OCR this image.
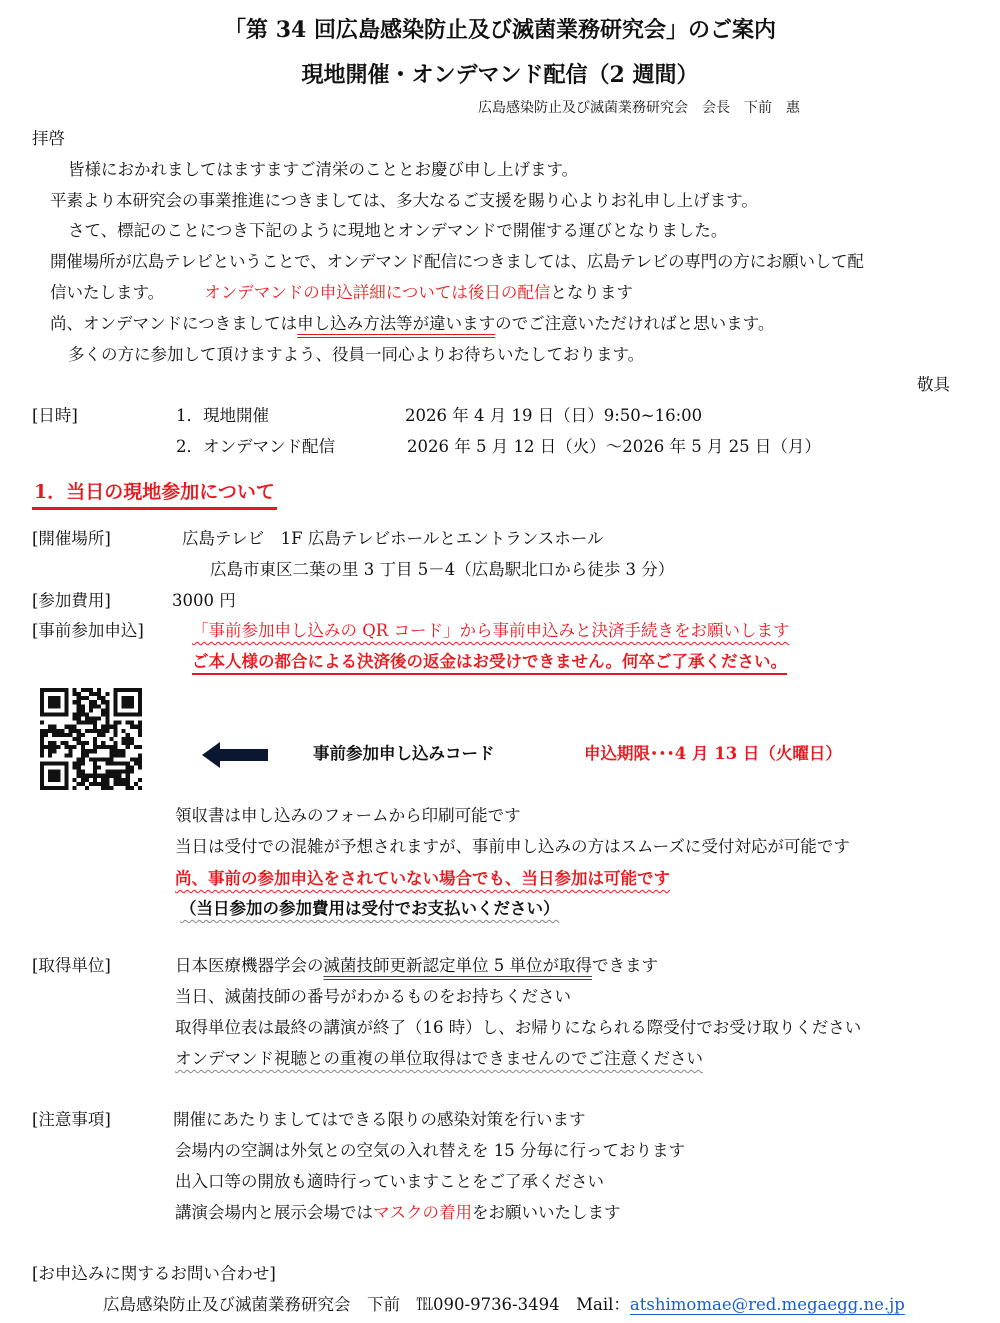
「第 34 回広島感染防止及び滅菌業務研究会」のご案内
現地開催・オンデマンド配信（2 週間）
広島感染防止及び滅菌業務研究会　会長　下前　惠
拝啓
皆様におかれましてはますますご清栄のこととお慶び申し上げます。
平素より本研究会の事業推進につきましては、多大なるご支援を賜り心よりお礼申し上げます。
さて、標記のことにつき下記のように現地とオンデマンドで開催する運びとなりました。
開催場所が広島テレビということで、オンデマンド配信につきましては、広島テレビの専門の方にお願いして配
信いたします。 オンデマンドの申込詳細については後日の配信となります
尚、オンデマンドにつきましては申し込み方法等が違いますのでご注意いただければと思います。
多くの方に参加して頂けますよう、役員一同心よりお待ちいたしております。
敬具
[日時]	1．現地開催	2026 年 4 月 19 日（日）9:50~16:00
2．オンデマンド配信	2026 年 5 月 12 日（火）～2026 年 5 月 25 日（月）
1．当日の現地参加について
[開催場所]	広島テレビ　1F 広島テレビホールとエントランスホール
広島市東区二葉の里 3 丁目 5－4（広島駅北口から徒歩 3 分）
[参加費用]	3000 円
[事前参加申込]	「事前参加申し込みの QR コード」から事前申込みと決済手続きをお願いします
ご本人様の都合による決済後の返金はお受けできません。何卒ご了承ください。
事前参加申し込みコード	申込期限･･･4 月 13 日（火曜日）
領収書は申し込みのフォームから印刷可能です
当日は受付での混雑が予想されますが、事前申し込みの方はスムーズに受付対応が可能です
尚、事前の参加申込をされていない場合でも、当日参加は可能です
（当日参加の参加費用は受付でお支払いください）
[取得単位]	日本医療機器学会の滅菌技師更新認定単位 5 単位が取得できます
当日、滅菌技師の番号がわかるものをお持ちください
取得単位表は最終の講演が終了（16 時）し、お帰りになられる際受付でお受け取りください
オンデマンド視聴との重複の単位取得はできませんのでご注意ください
[注意事項]	開催にあたりましてはできる限りの感染対策を行います
会場内の空調は外気との空気の入れ替えを 15 分毎に行っております
出入口等の開放も適時行っていますことをご了承ください
講演会場内と展示会場ではマスクの着用をお願いいたします
[お申込みに関するお問い合わせ]
広島感染防止及び滅菌業務研究会　下前　℡090-9736-3494　Mail：atshimomae@red.megaegg.ne.jp
